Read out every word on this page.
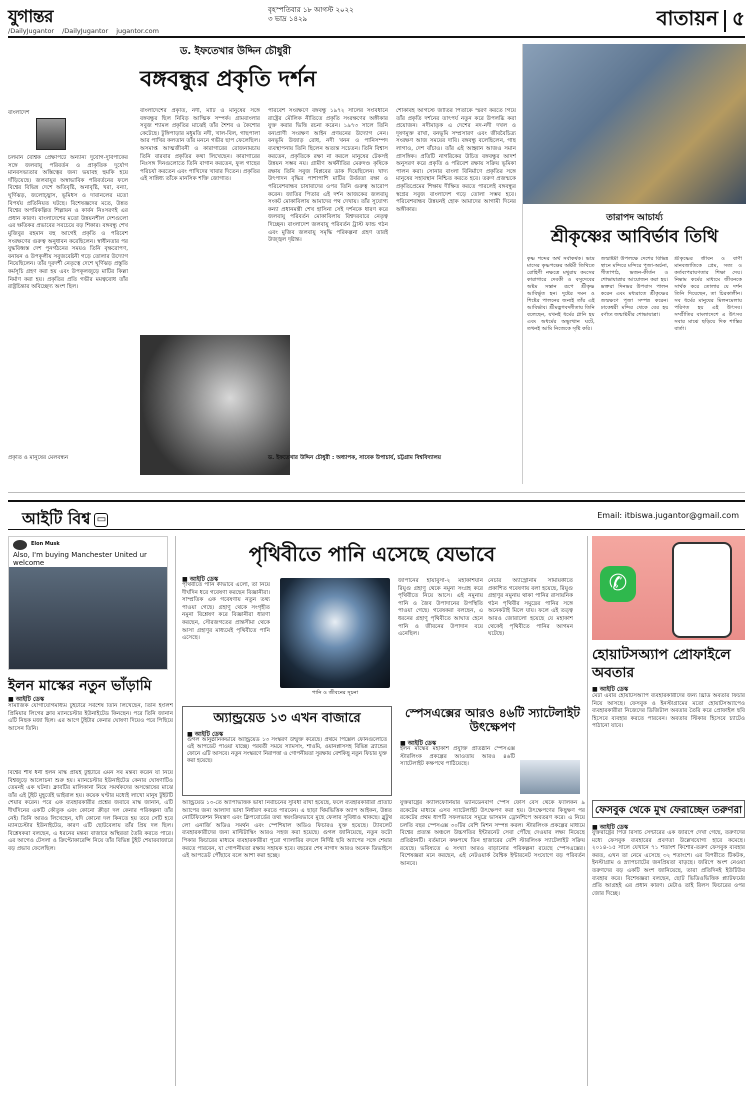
যুগান্তর	বৃহস্পতিবার ১৮ আগস্ট ২০২২
৩ ভাদ্র ১৪২৯
/DailyJugantor /DailyJugantor jugantor.com
বাতায়ন ৫
ড. ইফতেখার উদ্দিন চৌধুরী
বঙ্গবন্ধুর প্রকৃতি দর্শন
বাংলাদেশ
চলমান বৈশ্বিক প্রেক্ষাপটে অন্যান্য দুর্যোগ-দুর্বিপাকের সঙ্গে জলবায়ু পরিবর্তন ও প্রাকৃতিক দুর্যোগ মানবসভ্যতার অস্তিত্বের জন্য ভয়াবহ হুমকি হয়ে দাঁড়িয়েছে। জলবায়ুর অস্বাভাবিক পরিবর্তনের ফলে বিশ্বের বিভিন্ন দেশে অতিবৃষ্টি, অনাবৃষ্টি, খরা, বন্যা, ঘূর্ণিঝড়, জলোচ্ছ্বাস, ভূমিধস ও দাবানলের মতো বিপর্যয় প্রতিনিয়ত ঘটছে। বিশেষজ্ঞদের মতে, উন্নত বিশ্বের অপরিকল্পিত শিল্পায়ন ও কার্বন নিঃসরণই এর প্রধান কারণ। বাংলাদেশের মতো উন্নয়নশীল দেশগুলো এর ক্ষতিকর প্রভাবের সবচেয়ে বড় শিকার। বঙ্গবন্ধু শেখ মুজিবুর রহমান বহু আগেই প্রকৃতি ও পরিবেশ সংরক্ষণের গুরুত্ব অনুধাবন করেছিলেন। স্বাধীনতার পর যুদ্ধবিধ্বস্ত দেশ পুনর্গঠনের সময়ও তিনি বৃক্ষরোপণ, বনায়ন ও উপকূলীয় সবুজবেষ্টনী গড়ে তোলার উদ্যোগ নিয়েছিলেন। তাঁর দূরদর্শী নেতৃত্বে দেশে ঘূর্ণিঝড় প্রস্তুতি কর্মসূচি গ্রহণ করা হয় এবং উপকূলজুড়ে মাটির কিল্লা নির্মাণ করা হয়। প্রকৃতির প্রতি গভীর মমত্ববোধ তাঁর রাষ্ট্রচিন্তার অবিচ্ছেদ্য অংশ ছিল।
বাংলাদেশের প্রকৃতি, নদী, মাটি ও মানুষের সঙ্গে বঙ্গবন্ধুর ছিল নিবিড় আত্মিক সম্পর্ক। গ্রামবাংলার সবুজ শ্যামল প্রকৃতির মাঝেই তাঁর শৈশব ও কৈশোর কেটেছে। টুঙ্গিপাড়ার মধুমতি নদী, খাল-বিল, গাছপালা আর পাখির কলতান তাঁর মননে গভীর ছাপ ফেলেছিল। অসমাপ্ত আত্মজীবনী ও কারাগারের রোজনামচায় তিনি বারবার প্রকৃতির কথা লিখেছেন। কারাগারের নিঃসঙ্গ দিনগুলোতে তিনি বাগান করতেন, ফুল গাছের পরিচর্যা করতেন এবং পাখিদের খাবার দিতেন। প্রকৃতির এই সান্নিধ্য তাঁকে মানসিক শক্তি জোগাত।
পরিবেশ সংরক্ষণে বঙ্গবন্ধু ১৯৭২ সালের সংবিধানে রাষ্ট্রের মৌলিক নীতিতে প্রকৃতি সংরক্ষণের অঙ্গীকার যুক্ত করার ভিত্তি রচনা করেন। ১৯৭৩ সালে তিনি বন্যপ্রাণী সংরক্ষণ আইন প্রণয়নের উদ্যোগ নেন। বনভূমি উজাড় রোধ, নদী খনন ও পানিসম্পদ ব্যবস্থাপনায় তিনি ছিলেন অত্যন্ত সচেতন। তিনি বিশ্বাস করতেন, প্রকৃতিকে রক্ষা না করলে মানুষের টেকসই উন্নয়ন সম্ভব নয়। গ্রামীণ অর্থনীতির মেরুদণ্ড কৃষিকে রক্ষায় তিনি সবুজ বিপ্লবের ডাক দিয়েছিলেন। খাদ্য উৎপাদন বৃদ্ধির পাশাপাশি মাটির উর্বরতা রক্ষা ও পরিবেশবান্ধব চাষাবাদের ওপর তিনি গুরুত্ব আরোপ করেন। জাতির পিতার এই দর্শন আজকের জলবায়ু সংকট মোকাবিলায় আমাদের পথ দেখায়। তাঁর সুযোগ্য কন্যা প্রধানমন্ত্রী শেখ হাসিনা সেই দর্শনকে ধারণ করে জলবায়ু পরিবর্তন মোকাবিলায় বিশ্বদরবারে নেতৃত্ব দিচ্ছেন। বাংলাদেশ জলবায়ু পরিবর্তন ট্রাস্ট ফান্ড গঠন এবং মুজিব জলবায়ু সমৃদ্ধি পরিকল্পনা গ্রহণ তারই উজ্জ্বল দৃষ্টান্ত।
শোকাবহ আগস্টে জাতির পিতাকে স্মরণ করতে গিয়ে তাঁর প্রকৃতি দর্শনের তাৎপর্য নতুন করে উপলব্ধি করা প্রয়োজন। নদীমাতৃক এ দেশের নদ-নদী দখল ও দূষণমুক্ত রাখা, বনভূমি সম্প্রসারণ এবং জীববৈচিত্র্য সংরক্ষণ আজ সময়ের দাবি। বঙ্গবন্ধু বলেছিলেন, গাছ লাগাও, দেশ বাঁচাও। তাঁর এই আহ্বান আজও সমান প্রাসঙ্গিক। প্রতিটি নাগরিকের উচিত বঙ্গবন্ধুর আদর্শ অনুসরণ করে প্রকৃতি ও পরিবেশ রক্ষায় সক্রিয় ভূমিকা পালন করা। সোনার বাংলা বিনির্মাণে প্রকৃতির সঙ্গে মানুষের সহাবস্থান নিশ্চিত করতে হবে। তরুণ প্রজন্মকে প্রকৃতিপ্রেমের শিক্ষায় দীক্ষিত করতে পারলেই বঙ্গবন্ধুর স্বপ্নের সবুজ বাংলাদেশ গড়ে তোলা সম্ভব হবে। পরিবেশবান্ধব উন্নয়নই হোক আমাদের আগামী দিনের অঙ্গীকার।
ড. ইফতেখার উদ্দিন চৌধুরী : অধ্যাপক, সাবেক উপাচার্য, চট্টগ্রাম বিশ্ববিদ্যালয়
প্রকৃতি ও মানুষের মেলবন্ধন
তারাপদ আচার্য্য
শ্রীকৃষ্ণের আবির্ভাব তিথি
কৃষ্ণ শব্দের অর্থ সর্বাকর্ষক। ভাদ্র মাসের কৃষ্ণপক্ষের অষ্টমী তিথিতে রোহিণী নক্ষত্রে মথুরায় কংসের কারাগারে দেবকী ও বসুদেবের অষ্টম সন্তান রূপে শ্রীকৃষ্ণ আবির্ভূত হন। দুষ্টের দমন ও শিষ্টের পালনের জন্যই তাঁর এই আবির্ভাব। শ্রীমদ্ভগবদ্গীতায় তিনি বলেছেন, যখনই ধর্মের গ্লানি হয় এবং অধর্মের অভ্যুত্থান ঘটে, তখনই আমি নিজেকে সৃষ্টি করি।
জন্মাষ্টমী উপলক্ষে দেশের বিভিন্ন স্থানে মন্দিরে মন্দিরে পূজা-অর্চনা, গীতাপাঠ, ভজন-কীর্তন ও শোভাযাত্রার আয়োজন করা হয়। ভক্তরা দিনভর উপবাস পালন করেন এবং মধ্যরাতে শ্রীকৃষ্ণের জন্মক্ষণে পূজা সম্পন্ন করেন। ঢাকেশ্বরী মন্দির থেকে বের হয় বর্ণাঢ্য জন্মাষ্টমীর শোভাযাত্রা।
শ্রীকৃষ্ণের জীবন ও বাণী মানবজাতিকে প্রেম, সত্য ও কর্তব্যপরায়ণতার শিক্ষা দেয়। নিষ্কাম কর্মের মাধ্যমে জীবনকে সার্থক করে তোলার যে দর্শন তিনি দিয়েছেন, তা চিরকালীন। সব ধর্মের মানুষের মিলনমেলায় পরিণত হয় এই উৎসব। সম্প্রীতির বাংলাদেশে এ উৎসব সবার মাঝে ছড়িয়ে দিক শান্তির বার্তা।
আইটি বিশ্ব ▭	Email: itbiswa.jugantor@gmail.com
Elon Musk
Also, I'm buying Manchester United ur welcome
ইলন মাস্কের নতুন ভাঁড়ামি
■ আইটি ডেস্ক
সামাজিক যোগাযোগমাধ্যম টুইটারে সর্বশেষ তিনি লিখেছেন, তিনি ইংলিশ প্রিমিয়ার লিগের ক্লাব ম্যানচেস্টার ইউনাইটেড কিনছেন। পরে তিনি জানান এটি নিছক মজা ছিল। এর আগে টুইটার কেনার ঘোষণা দিয়েও পরে পিছিয়ে আসেন তিনি।
বিশ্বের শীর্ষ ধনী ইলন মাস্ক প্রায়ই টুইটারে এমন সব মন্তব্য করেন যা নিয়ে বিশ্বজুড়ে আলোচনা শুরু হয়। ম্যানচেস্টার ইউনাইটেড কেনার ঘোষণাটিও তেমনই এক ঘটনা। ক্লাবটির মালিকানা নিয়ে সমর্থকদের অসন্তোষের মাঝে তাঁর এই টুইট মুহূর্তেই ভাইরাল হয়। কয়েক ঘণ্টার মধ্যেই লাখো মানুষ টুইটটি শেয়ার করেন। পরে এক ব্যবহারকারীর প্রশ্নের জবাবে মাস্ক জানান, এটি দীর্ঘদিনের একটি কৌতুক এবং কোনো ক্রীড়া দল কেনার পরিকল্পনা তাঁর নেই। তিনি আরও লিখেছেন, যদি কোনো দল কিনতে হয় তবে সেটি হবে ম্যানচেস্টার ইউনাইটেড, কারণ এটি ছোটবেলায় তাঁর প্রিয় দল ছিল। বিশ্লেষকরা বলছেন, এ ধরনের মন্তব্য বাজারে অস্থিরতা তৈরি করতে পারে। এর আগেও টেসলা ও ক্রিপ্টোকারেন্সি নিয়ে তাঁর বিভিন্ন টুইট শেয়ারবাজারে বড় প্রভাব ফেলেছিল।
পৃথিবীতে পানি এসেছে যেভাবে
■ আইটি ডেস্ক
পৃথিবীতে পানি কীভাবে এলো, তা নিয়ে দীর্ঘদিন ধরে গবেষণা করছেন বিজ্ঞানীরা। সাম্প্রতিক এক গবেষণায় নতুন তথ্য পাওয়া গেছে। গ্রহাণু থেকে সংগৃহীত নমুনা বিশ্লেষণ করে বিজ্ঞানীরা ধারণা করছেন, সৌরজগতের প্রান্তসীমা থেকে আসা গ্রহাণুর মাধ্যমেই পৃথিবীতে পানি এসেছে।
পানি ও জীবনের সূচনা
জাপানের হায়াবুসা-২ মহাকাশযান রিয়ুগু গ্রহাণু থেকে নমুনা সংগ্রহ করে পৃথিবীতে নিয়ে আসে। এই নমুনায় পানি ও জৈব উপাদানের উপস্থিতি পাওয়া গেছে। গবেষকরা বলছেন, এ ধরনের গ্রহাণু পৃথিবীতে আঘাত হেনে পানি ও জীবনের উপাদান বয়ে এনেছিল।
নেচার অ্যাস্ট্রোনমি সাময়িকীতে প্রকাশিত গবেষণায় বলা হয়েছে, রিয়ুগু গ্রহাণুর নমুনায় থাকা পানির রাসায়নিক গঠন পৃথিবীর সমুদ্রের পানির সঙ্গে অনেকটাই মিলে যায়। ফলে এই তত্ত্ব আরও জোরালো হয়েছে যে মহাকাশ থেকেই পৃথিবীতে পানির আগমন ঘটেছে।
✆
হোয়াটসঅ্যাপ প্রোফাইলে অবতার
■ আইটি ডেস্ক
মেটা এবার হোয়াটসঅ্যাপ ব্যবহারকারীদের জন্য থ্রিডি অবতার ফিচার নিয়ে আসছে। ফেসবুক ও ইনস্টাগ্রামের মতো হোয়াটসঅ্যাপেও ব্যবহারকারীরা নিজেদের ডিজিটাল অবতার তৈরি করে প্রোফাইল ছবি হিসেবে ব্যবহার করতে পারবেন। অবতার স্টিকার হিসেবে চ্যাটেও পাঠানো যাবে।
অ্যান্ড্রয়েড ১৩ এখন বাজারে
■ আইটি ডেস্ক
গুগল আনুষ্ঠানিকভাবে অ্যান্ড্রয়েড ১৩ সংস্করণ উন্মুক্ত করেছে। প্রথমে পিক্সেল ফোনগুলোতে এই আপডেট পাওয়া যাচ্ছে। পরবর্তী সময়ে স্যামসাং, শাওমি, ওয়ানপ্লাসসহ বিভিন্ন ব্র্যান্ডের ফোনে এটি আসবে। নতুন সংস্করণে নিরাপত্তা ও গোপনীয়তা সুরক্ষায় বেশকিছু নতুন ফিচার যুক্ত করা হয়েছে।
অ্যান্ড্রয়েড ১৩-তে অ্যাপভিত্তিক ভাষা নির্বাচনের সুবিধা রাখা হয়েছে, ফলে ব্যবহারকারীরা প্রতিটি অ্যাপের জন্য আলাদা ভাষা নির্ধারণ করতে পারবেন। এ ছাড়া থিমভিত্তিক অ্যাপ আইকন, উন্নত নোটিফিকেশন নিয়ন্ত্রণ এবং ক্লিপবোর্ডের তথ্য স্বয়ংক্রিয়ভাবে মুছে ফেলার সুবিধাও থাকছে। ব্লুটুথ লো এনার্জি অডিও সমর্থন এবং স্পেশিয়াল অডিও ফিচারও যুক্ত হয়েছে। ট্যাবলেট ব্যবহারকারীদের জন্য মাল্টিটাস্কিং আরও সহজ করা হয়েছে। গুগল জানিয়েছে, নতুন ফটো পিকার ফিচারের মাধ্যমে ব্যবহারকারীরা পুরো গ্যালারির বদলে নির্দিষ্ট ছবি অ্যাপের সঙ্গে শেয়ার করতে পারবেন, যা গোপনীয়তা রক্ষায় সহায়ক হবে। বছরের শেষ নাগাদ আরও অনেক ডিভাইসে এই আপডেট পৌঁছাবে বলে আশা করা হচ্ছে।
স্পেসএক্সের আরও ৪৬টি স্যাটেলাইট উৎক্ষেপণ
■ আইটি ডেস্ক
ইলন মাস্কের মহাকাশ প্রযুক্তি প্রতিষ্ঠান স্পেসএক্স স্টারলিংক প্রকল্পের আওতায় আরও ৪৬টি স্যাটেলাইট কক্ষপথে পাঠিয়েছে।
যুক্তরাষ্ট্রের ক্যালিফোর্নিয়ার ভ্যানডেনবার্গ স্পেস ফোর্স বেস থেকে ফ্যালকন ৯ রকেটের মাধ্যমে এসব স্যাটেলাইট উৎক্ষেপণ করা হয়। উৎক্ষেপণের কিছুক্ষণ পর রকেটের প্রথম ধাপটি সফলভাবে সমুদ্রে ভাসমান ড্রোনশিপে অবতরণ করে। এ নিয়ে চলতি বছর স্পেসএক্স ৩০টির বেশি মিশন সম্পন্ন করল। স্টারলিংক প্রকল্পের মাধ্যমে বিশ্বের প্রত্যন্ত অঞ্চলে উচ্চগতির ইন্টারনেট সেবা পৌঁছে দেওয়ার লক্ষ্য নিয়েছে প্রতিষ্ঠানটি। বর্তমানে কক্ষপথে তিন হাজারের বেশি স্টারলিংক স্যাটেলাইট সক্রিয় রয়েছে। ভবিষ্যতে এ সংখ্যা আরও বাড়ানোর পরিকল্পনা রয়েছে স্পেসএক্সের। বিশেষজ্ঞরা মনে করছেন, এই নেটওয়ার্ক বৈশ্বিক ইন্টারনেট সংযোগে বড় পরিবর্তন আনবে।
ফেসবুক থেকে মুখ ফেরাচ্ছেন তরুণরা
■ আইটি ডেস্ক
যুক্তরাষ্ট্রের পিউ রিসার্চ সেন্টারের এক জরিপে দেখা গেছে, তরুণদের মধ্যে ফেসবুক ব্যবহারের প্রবণতা উল্লেখযোগ্য হারে কমেছে। ২০১৪-১৫ সালে যেখানে ৭১ শতাংশ কিশোর-তরুণ ফেসবুক ব্যবহার করত, এখন তা নেমে এসেছে ৩২ শতাংশে। এর বিপরীতে টিকটক, ইনস্টাগ্রাম ও স্ন্যাপচ্যাটের জনপ্রিয়তা বাড়ছে। জরিপে অংশ নেওয়া তরুণদের বড় একটি অংশ জানিয়েছে, তারা প্রতিদিনই ইউটিউব ব্যবহার করে। বিশেষজ্ঞরা বলছেন, ছোট ভিডিওভিত্তিক প্ল্যাটফর্মের প্রতি আগ্রহই এর প্রধান কারণ। মেটাও তাই রিলস ফিচারের ওপর জোর দিচ্ছে।
